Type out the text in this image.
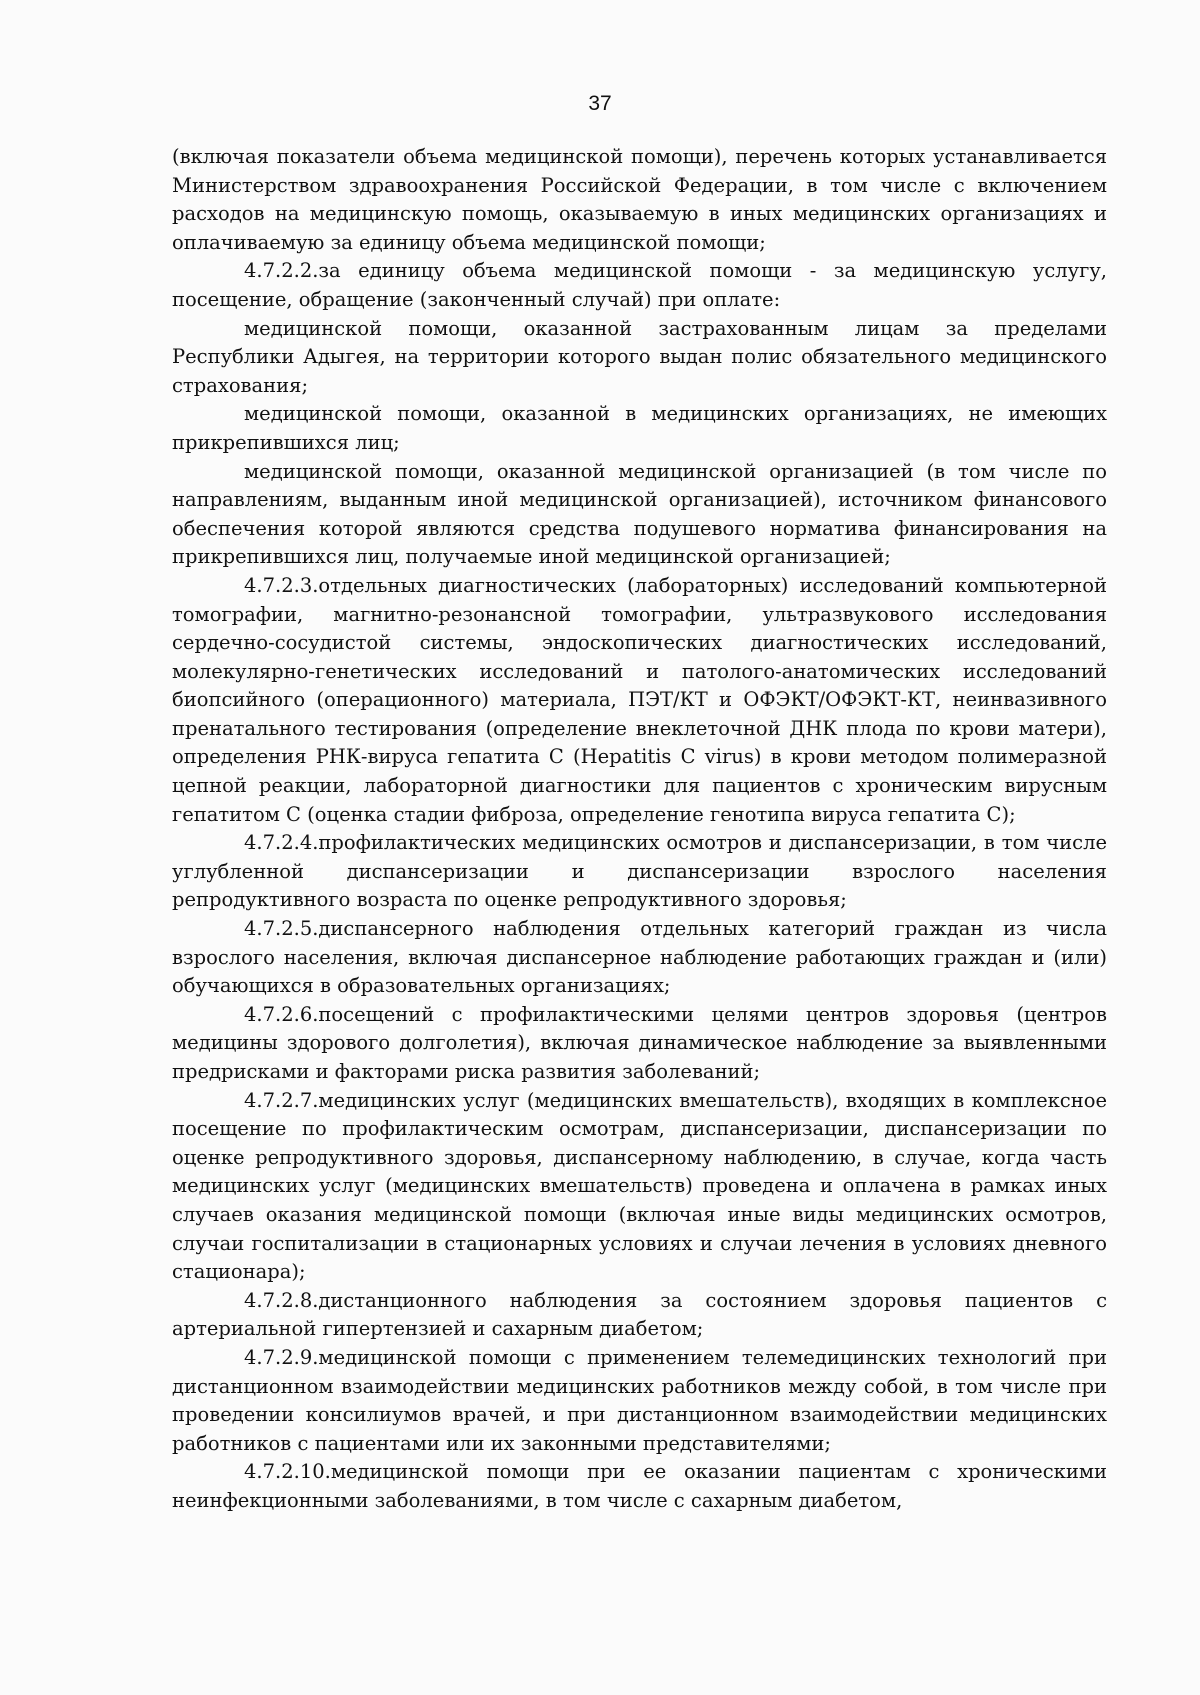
37

(включая показатели объема медицинской помощи), перечень которых устанавливается Министерством здравоохранения Российской Федерации, в том числе с включением расходов на медицинскую помощь, оказываемую в иных медицинских организациях и оплачиваемую за единицу объема медицинской помощи;

4.7.2.2.за единицу объема медицинской помощи - за медицинскую услугу, посещение, обращение (законченный случай) при оплате:

медицинской помощи, оказанной застрахованным лицам за пределами Республики Адыгея, на территории которого выдан полис обязательного медицинского страхования;

медицинской помощи, оказанной в медицинских организациях, не имеющих прикрепившихся лиц;

медицинской помощи, оказанной медицинской организацией (в том числе по направлениям, выданным иной медицинской организацией), источником финансового обеспечения которой являются средства подушевого норматива финансирования на прикрепившихся лиц, получаемые иной медицинской организацией;

4.7.2.3.отдельных диагностических (лабораторных) исследований компьютерной томографии, магнитно-резонансной томографии, ультразвукового исследования сердечно-сосудистой системы, эндоскопических диагностических исследований, молекулярно-генетических исследований и патолого-анатомических исследований биопсийного (операционного) материала, ПЭТ/КТ и ОФЭКТ/ОФЭКТ-КТ, неинвазивного пренатального тестирования (определение внеклеточной ДНК плода по крови матери), определения РНК-вируса гепатита С (Hepatitis С virus) в крови методом полимеразной цепной реакции, лабораторной диагностики для пациентов с хроническим вирусным гепатитом С (оценка стадии фиброза, определение генотипа вируса гепатита С);

4.7.2.4.профилактических медицинских осмотров и диспансеризации, в том числе углубленной диспансеризации и диспансеризации взрослого населения репродуктивного возраста по оценке репродуктивного здоровья;

4.7.2.5.диспансерного наблюдения отдельных категорий граждан из числа взрослого населения, включая диспансерное наблюдение работающих граждан и (или) обучающихся в образовательных организациях;

4.7.2.6.посещений с профилактическими целями центров здоровья (центров медицины здорового долголетия), включая динамическое наблюдение за выявленными предрисками и факторами риска развития заболеваний;

4.7.2.7.медицинских услуг (медицинских вмешательств), входящих в комплексное посещение по профилактическим осмотрам, диспансеризации, диспансеризации по оценке репродуктивного здоровья, диспансерному наблюдению, в случае, когда часть медицинских услуг (медицинских вмешательств) проведена и оплачена в рамках иных случаев оказания медицинской помощи (включая иные виды медицинских осмотров, случаи госпитализации в стационарных условиях и случаи лечения в условиях дневного стационара);

4.7.2.8.дистанционного наблюдения за состоянием здоровья пациентов с артериальной гипертензией и сахарным диабетом;

4.7.2.9.медицинской помощи с применением телемедицинских технологий при дистанционном взаимодействии медицинских работников между собой, в том числе при проведении консилиумов врачей, и при дистанционном взаимодействии медицинских работников с пациентами или их законными представителями;

4.7.2.10.медицинской помощи при ее оказании пациентам с хроническими неинфекционными заболеваниями, в том числе с сахарным диабетом,
